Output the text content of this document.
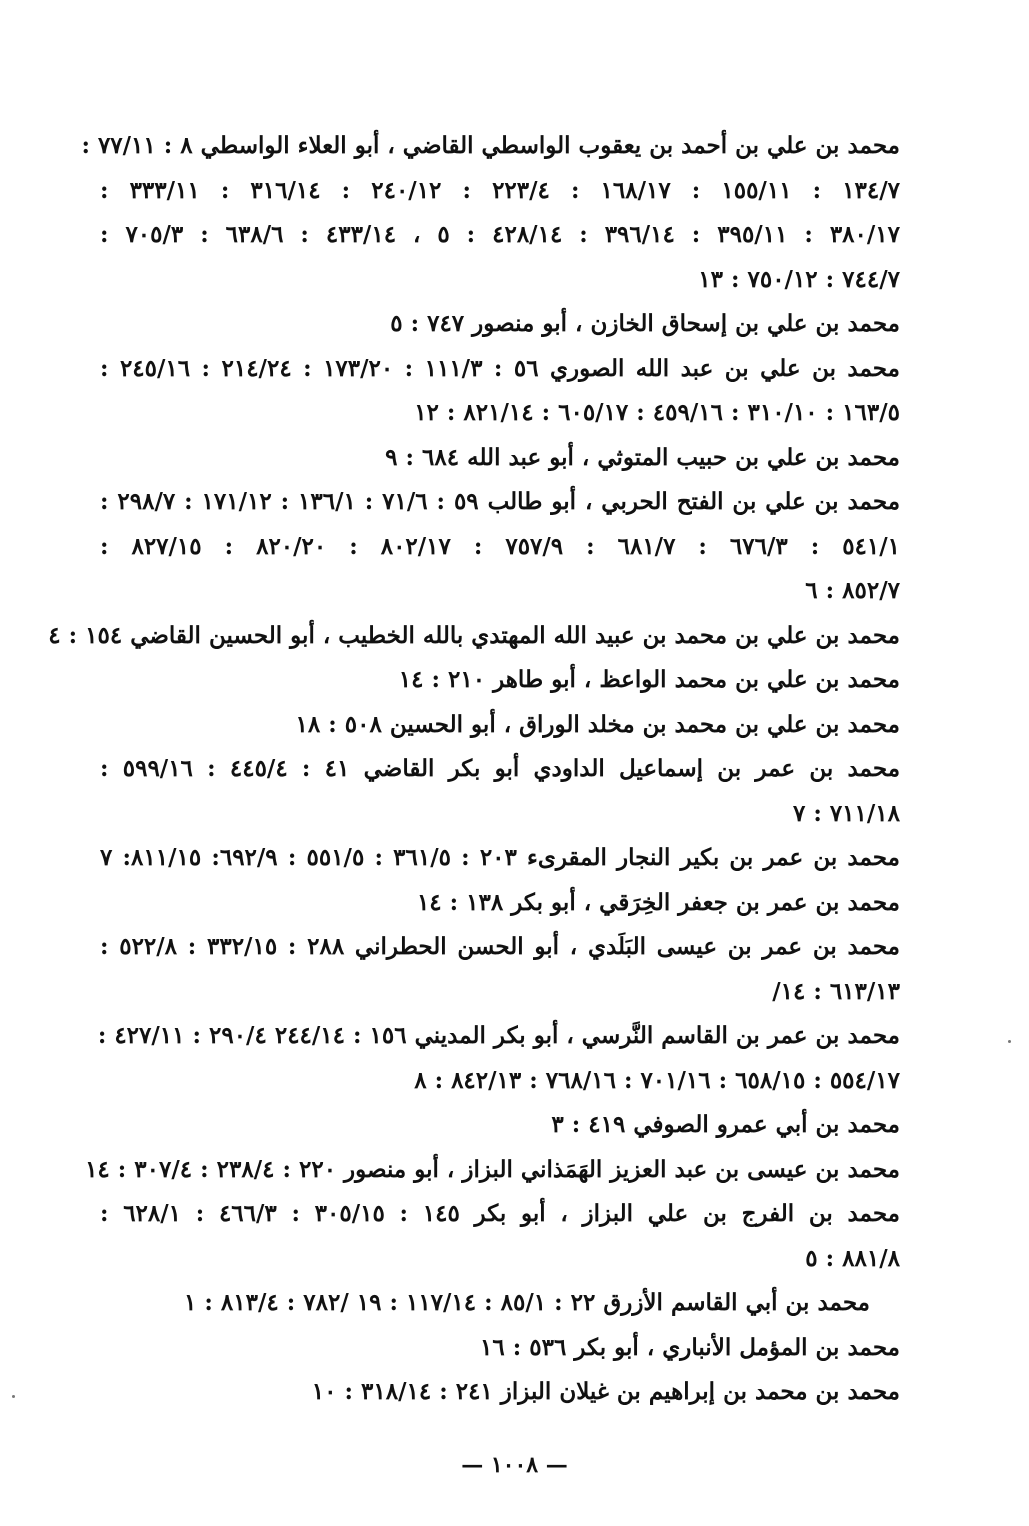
محمد بن علي بن أحمد بن يعقوب الواسطي القاضي ، أبو العلاء الواسطي ٨ : ٧٧/١١ :
١٣٤/٧ : ١٥٥/١١ : ١٦٨/١٧ : ٢٢٣/٤ : ٢٤٠/١٢ : ٣١٦/١٤ : ٣٣٣/١١ :
٣٨٠/١٧ : ٣٩٥/١١ : ٣٩٦/١٤ : ٤٢٨/١٤ : ٥ ، ٤٣٣/١٤ : ٦٣٨/٦ : ٧٠٥/٣ :
٧٤٤/٧ : ٧٥٠/١٢ : ١٣
محمد بن علي بن إسحاق الخازن ، أبو منصور ٧٤٧ : ٥
محمد بن علي بن عبد الله الصوري ٥٦ : ١١١/٣ : ١٧٣/٢٠ : ٢١٤/٢٤ : ٢٤٥/١٦ :
١٦٣/٥ : ٣١٠/١٠ : ٤٥٩/١٦ : ٦٠٥/١٧ : ٨٢١/١٤ : ١٢
محمد بن علي بن حبيب المتوثي ، أبو عبد الله ٦٨٤ : ٩
محمد بن علي بن الفتح الحربي ، أبو طالب ٥٩ : ٧١/٦ : ١٣٦/١ : ١٧١/١٢ : ٢٩٨/٧ :
٥٤١/١ : ٦٧٦/٣ : ٦٨١/٧ : ٧٥٧/٩ : ٨٠٢/١٧ : ٨٢٠/٢٠ : ٨٢٧/١٥ :
٨٥٢/٧ : ٦
محمد بن علي بن محمد بن عبيد الله المهتدي بالله الخطيب ، أبو الحسين القاضي ١٥٤ : ٤
محمد بن علي بن محمد الواعظ ، أبو طاهر ٢١٠ : ١٤
محمد بن علي بن محمد بن مخلد الوراق ، أبو الحسين ٥٠٨ : ١٨
محمد بن عمر بن إسماعيل الداودي أبو بكر القاضي ٤١ : ٤٤٥/٤ : ٥٩٩/١٦ :
٧١١/١٨ : ٧
محمد بن عمر بن بكير النجار المقرىء ٢٠٣ : ٣٦١/٥ : ٥٥١/٥ : ٦٩٢/٩: ٨١١/١٥: ٧
محمد بن عمر بن جعفر الخِرَقي ، أبو بكر ١٣٨ : ١٤
محمد بن عمر بن عيسى البَلَدي ، أبو الحسن الحطراني ٢٨٨ : ٣٣٢/١٥ : ٥٢٢/٨ :
٦١٣/١٣ : ١٤/
محمد بن عمر بن القاسم النَّرسي ، أبو بكر المديني ١٥٦ : ٢٤٤/١٤ ٢٩٠/٤ : ٤٢٧/١١ :
٥٥٤/١٧ : ٦٥٨/١٥ : ٧٠١/١٦ : ٧٦٨/١٦ : ٨٤٢/١٣ : ٨
محمد بن أبي عمرو الصوفي ٤١٩ : ٣
محمد بن عيسى بن عبد العزيز الهَمَذاني البزاز ، أبو منصور ٢٢٠ : ٢٣٨/٤ : ٣٠٧/٤ : ١٤
محمد بن الفرج بن علي البزاز ، أبو بكر ١٤٥ : ٣٠٥/١٥ : ٤٦٦/٣ : ٦٢٨/١ :
٨٨١/٨ : ٥
محمد بن أبي القاسم الأزرق ٢٢ : ٨٥/١ : ١١٧/١٤ : ١٩ /٧٨٢ : ٨١٣/٤ : ١
محمد بن المؤمل الأنباري ، أبو بكر ٥٣٦ : ١٦
محمد بن محمد بن إبراهيم بن غيلان البزاز ٢٤١ : ٣١٨/١٤ : ١٠
— ١٠٠٨ —
